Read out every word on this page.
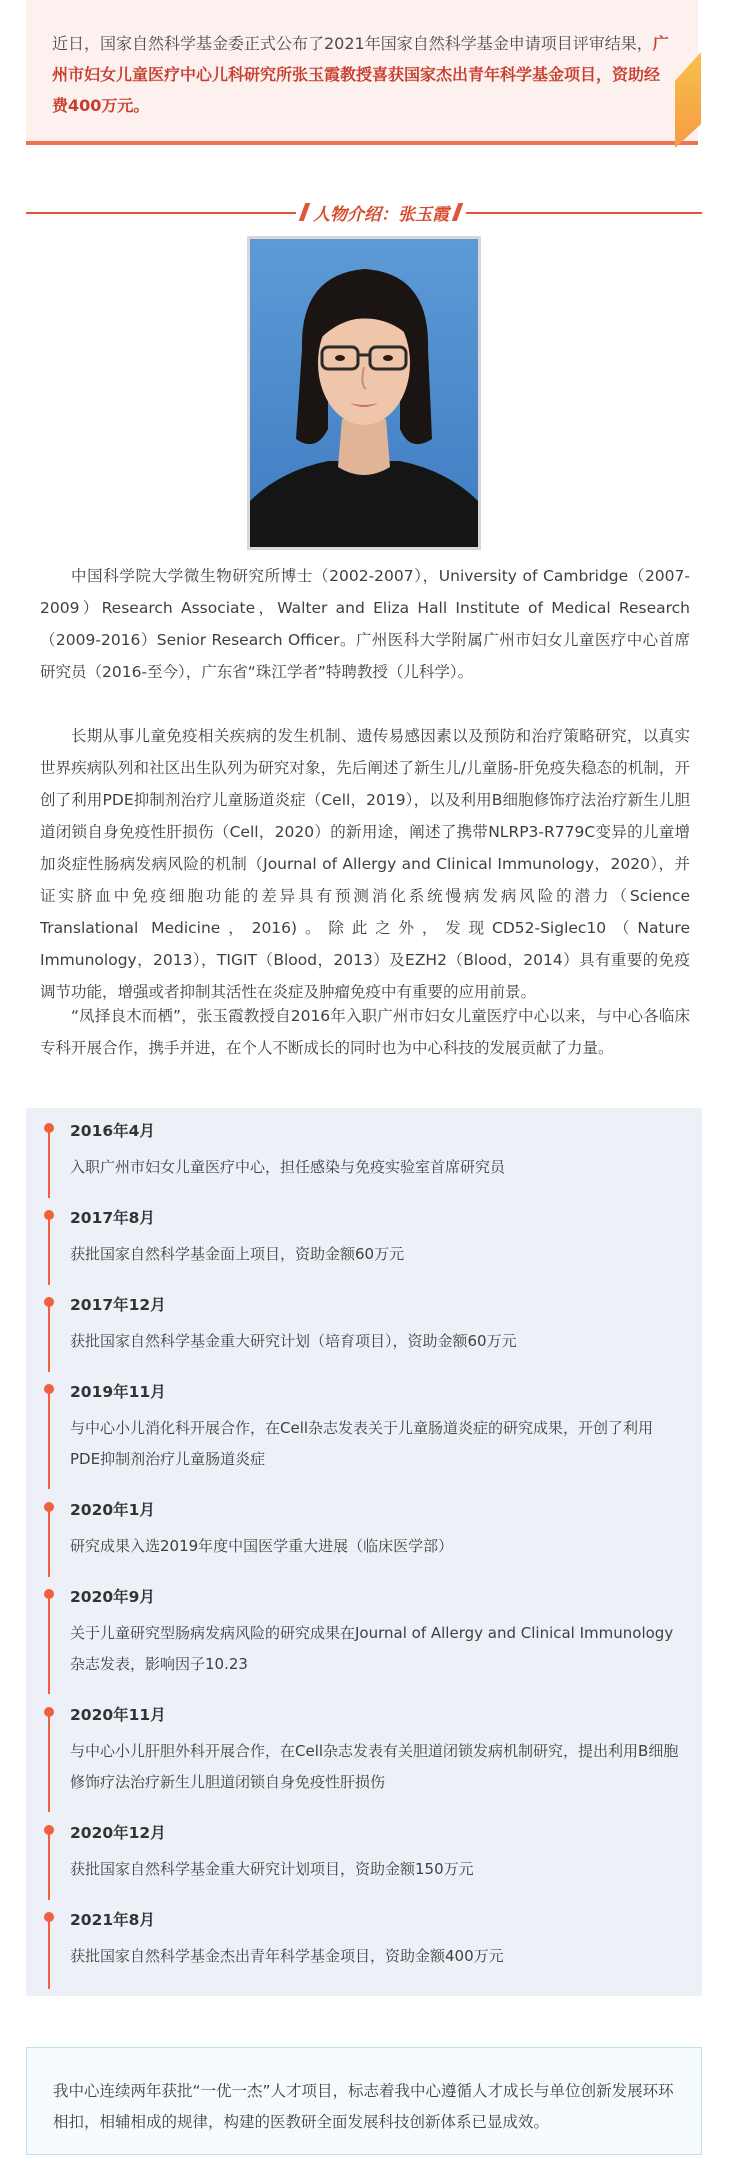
近日，国家自然科学基金委正式公布了2021年国家自然科学基金申请项目评审结果，广州市妇女儿童医疗中心儿科研究所张玉霞教授喜获国家杰出青年科学基金项目，资助经费400万元。
人物介绍：张玉霞
中国科学院大学微生物研究所博士（2002-2007），University of Cambridge（2007-2009）Research Associate，Walter and Eliza Hall Institute of Medical Research（2009-2016）Senior Research Officer。广州医科大学附属广州市妇女儿童医疗中心首席研究员（2016-至今），广东省“珠江学者”特聘教授（儿科学）。
长期从事儿童免疫相关疾病的发生机制、遗传易感因素以及预防和治疗策略研究，以真实世界疾病队列和社区出生队列为研究对象，先后阐述了新生儿/儿童肠-肝免疫失稳态的机制，开创了利用PDE抑制剂治疗儿童肠道炎症（Cell，2019），以及利用B细胞修饰疗法治疗新生儿胆道闭锁自身免疫性肝损伤（Cell，2020）的新用途，阐述了携带NLRP3-R779C变异的儿童增加炎症性肠病发病风险的机制（Journal of Allergy and Clinical Immunology，2020），并证实脐血中免疫细胞功能的差异具有预测消化系统慢病发病风险的潜力（Science Translational Medicine，2016)。除此之外，发现CD52-Siglec10（Nature Immunology，2013），TIGIT（Blood，2013）及EZH2（Blood，2014）具有重要的免疫调节功能，增强或者抑制其活性在炎症及肿瘤免疫中有重要的应用前景。
“凤择良木而栖”，张玉霞教授自2016年入职广州市妇女儿童医疗中心以来，与中心各临床专科开展合作，携手并进，在个人不断成长的同时也为中心科技的发展贡献了力量。
2016年4月
入职广州市妇女儿童医疗中心，担任感染与免疫实验室首席研究员
2017年8月
获批国家自然科学基金面上项目，资助金额60万元
2017年12月
获批国家自然科学基金重大研究计划（培育项目），资助金额60万元
2019年11月
与中心小儿消化科开展合作，在Cell杂志发表关于儿童肠道炎症的研究成果，开创了利用PDE抑制剂治疗儿童肠道炎症
2020年1月
研究成果入选2019年度中国医学重大进展（临床医学部）
2020年9月
关于儿童研究型肠病发病风险的研究成果在Journal of Allergy and Clinical Immunology杂志发表，影响因子10.23
2020年11月
与中心小儿肝胆外科开展合作，在Cell杂志发表有关胆道闭锁发病机制研究，提出利用B细胞修饰疗法治疗新生儿胆道闭锁自身免疫性肝损伤
2020年12月
获批国家自然科学基金重大研究计划项目，资助金额150万元
2021年8月
获批国家自然科学基金杰出青年科学基金项目，资助金额400万元
我中心连续两年获批“一优一杰”人才项目，标志着我中心遵循人才成长与单位创新发展环环相扣，相辅相成的规律，构建的医教研全面发展科技创新体系已显成效。
